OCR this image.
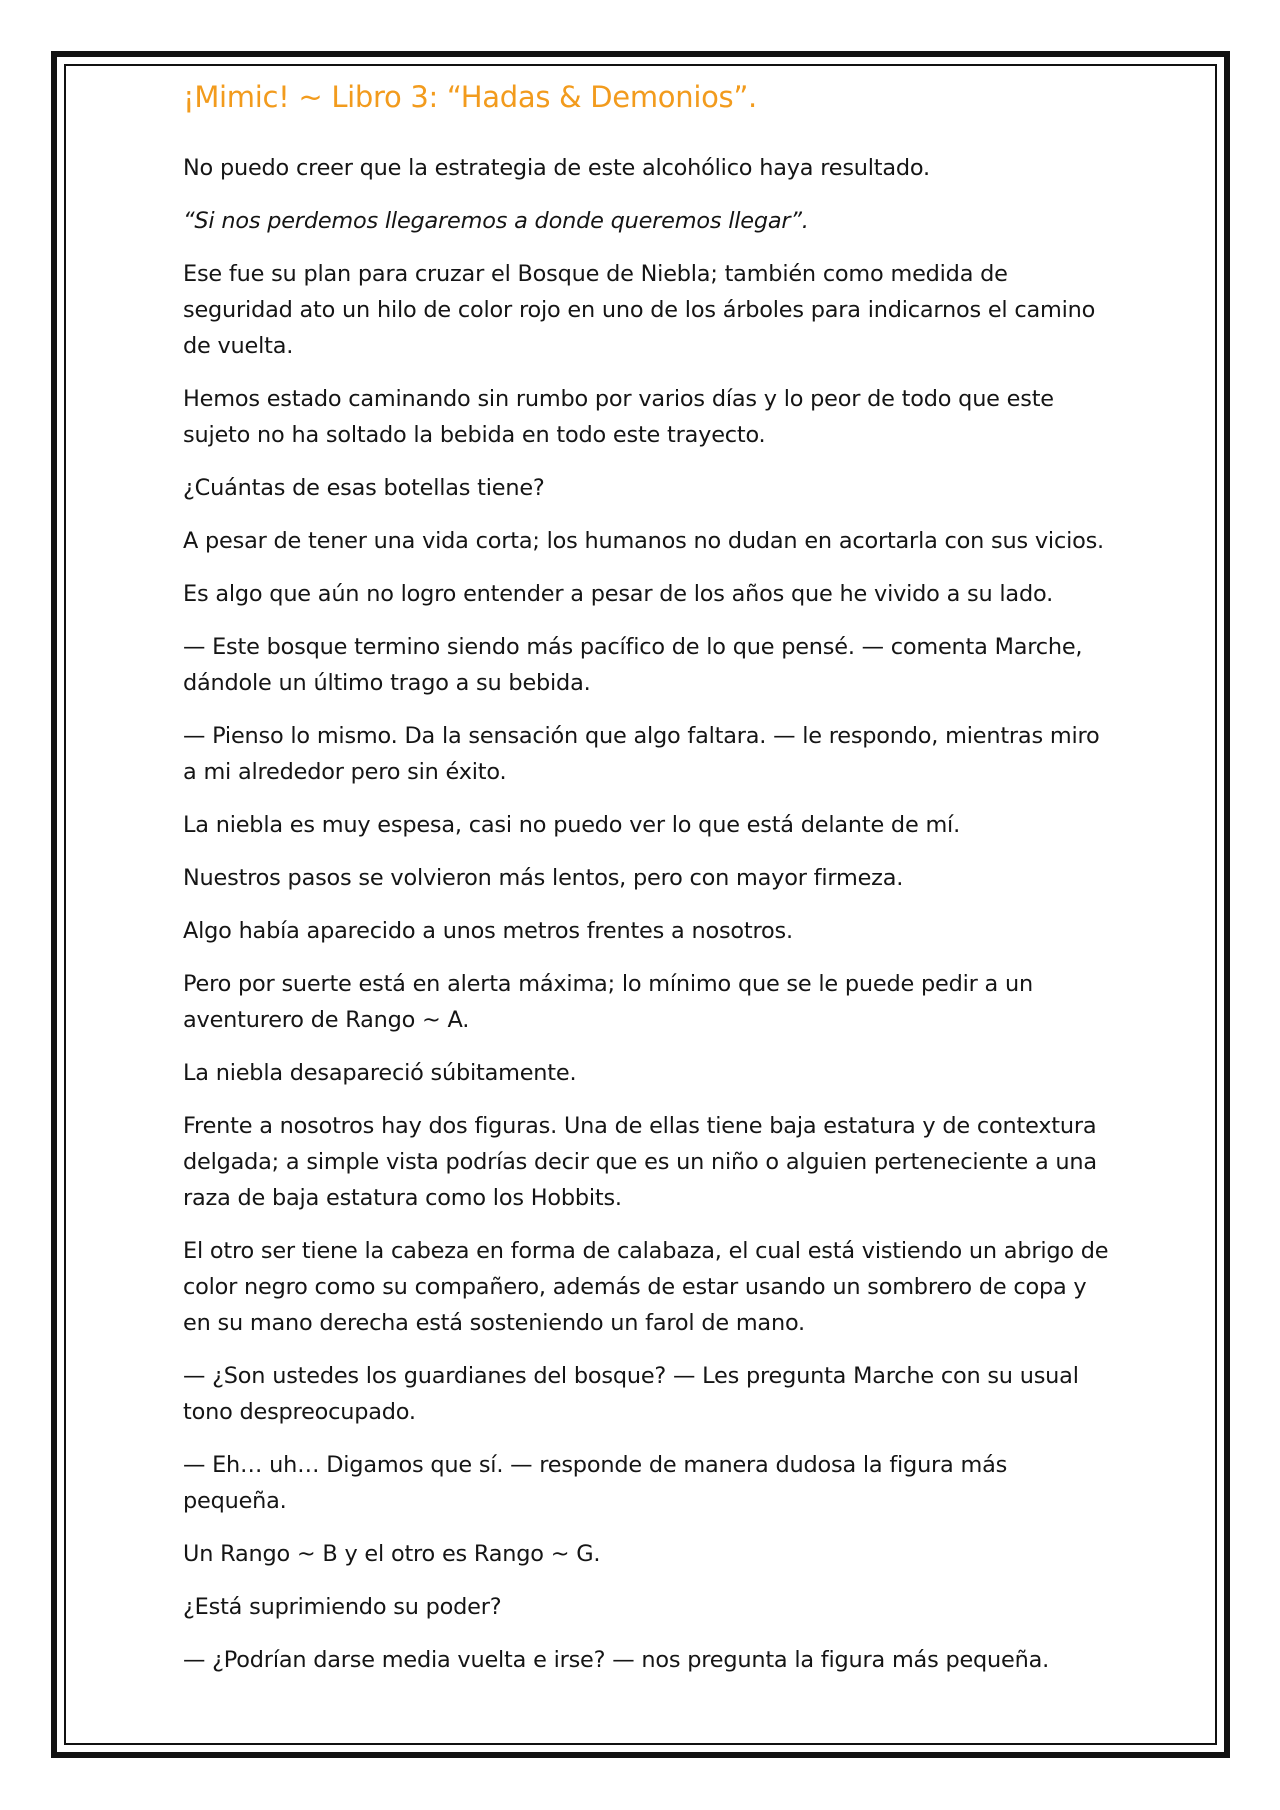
¡Mimic! ~ Libro 3: “Hadas & Demonios”.

No puedo creer que la estrategia de este alcohólico haya resultado.

“Si nos perdemos llegaremos a donde queremos llegar”.

Ese fue su plan para cruzar el Bosque de Niebla; también como medida de seguridad ato un hilo de color rojo en uno de los árboles para indicarnos el camino de vuelta.

Hemos estado caminando sin rumbo por varios días y lo peor de todo que este sujeto no ha soltado la bebida en todo este trayecto.

¿Cuántas de esas botellas tiene?

A pesar de tener una vida corta; los humanos no dudan en acortarla con sus vicios.

Es algo que aún no logro entender a pesar de los años que he vivido a su lado.

— Este bosque termino siendo más pacífico de lo que pensé. — comenta Marche, dándole un último trago a su bebida.

— Pienso lo mismo. Da la sensación que algo faltara. — le respondo, mientras miro a mi alrededor pero sin éxito.

La niebla es muy espesa, casi no puedo ver lo que está delante de mí.

Nuestros pasos se volvieron más lentos, pero con mayor firmeza.

Algo había aparecido a unos metros frentes a nosotros.

Pero por suerte está en alerta máxima; lo mínimo que se le puede pedir a un aventurero de Rango ~ A.

La niebla desapareció súbitamente.

Frente a nosotros hay dos figuras. Una de ellas tiene baja estatura y de contextura delgada; a simple vista podrías decir que es un niño o alguien perteneciente a una raza de baja estatura como los Hobbits.

El otro ser tiene la cabeza en forma de calabaza, el cual está vistiendo un abrigo de color negro como su compañero, además de estar usando un sombrero de copa y en su mano derecha está sosteniendo un farol de mano.

— ¿Son ustedes los guardianes del bosque? — Les pregunta Marche con su usual tono despreocupado.

— Eh… uh… Digamos que sí. — responde de manera dudosa la figura más pequeña.

Un Rango ~ B y el otro es Rango ~ G.

¿Está suprimiendo su poder?

— ¿Podrían darse media vuelta e irse? — nos pregunta la figura más pequeña.
